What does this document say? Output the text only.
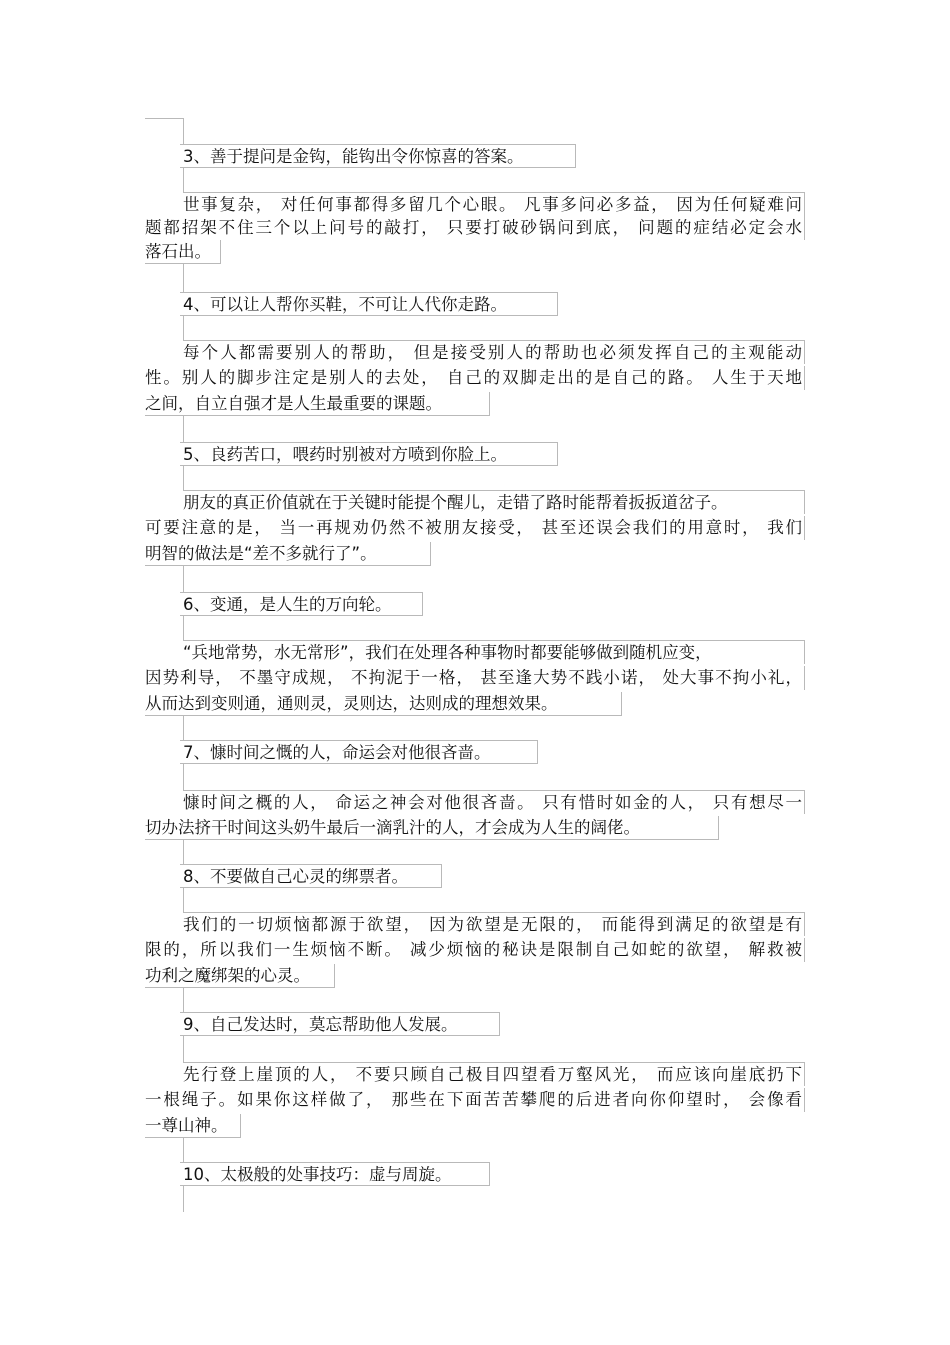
3、善于提问是金钩，能钩出令你惊喜的答案。
世事复杂， 对任何事都得多留几个心眼。 凡事多问必多益， 因为任何疑难问
题都招架不住三个以上问号的敲打， 只要打破砂锅问到底， 问题的症结必定会水
落石出。
4、可以让人帮你买鞋，不可让人代你走路。
每个人都需要别人的帮助， 但是接受别人的帮助也必须发挥自己的主观能动
性。别人的脚步注定是别人的去处， 自己的双脚走出的是自己的路。 人生于天地
之间，自立自强才是人生最重要的课题。
5、良药苦口，喂药时别被对方喷到你脸上。
朋友的真正价值就在于关键时能提个醒儿，走错了路时能帮着扳扳道岔子。
可要注意的是， 当一再规劝仍然不被朋友接受， 甚至还误会我们的用意时， 我们
明智的做法是“差不多就行了”。
6、变通，是人生的万向轮。
“兵地常势，水无常形”，我们在处理各种事物时都要能够做到随机应变，
因势利导， 不墨守成规， 不拘泥于一格， 甚至逢大势不践小诺， 处大事不拘小礼，
从而达到变则通，通则灵，灵则达，达则成的理想效果。
7、慷时间之慨的人，命运会对他很吝啬。
慷时间之概的人， 命运之神会对他很吝啬。 只有惜时如金的人， 只有想尽一
切办法挤干时间这头奶牛最后一滴乳汁的人，才会成为人生的阔佬。
8、不要做自己心灵的绑票者。
我们的一切烦恼都源于欲望， 因为欲望是无限的， 而能得到满足的欲望是有
限的，所以我们一生烦恼不断。 减少烦恼的秘诀是限制自己如蛇的欲望， 解救被
功利之魔绑架的心灵。
9、自己发达时，莫忘帮助他人发展。
先行登上崖顶的人， 不要只顾自己极目四望看万壑风光， 而应该向崖底扔下
一根绳子。如果你这样做了， 那些在下面苦苦攀爬的后进者向你仰望时， 会像看
一尊山神。
10、太极般的处事技巧：虚与周旋。
